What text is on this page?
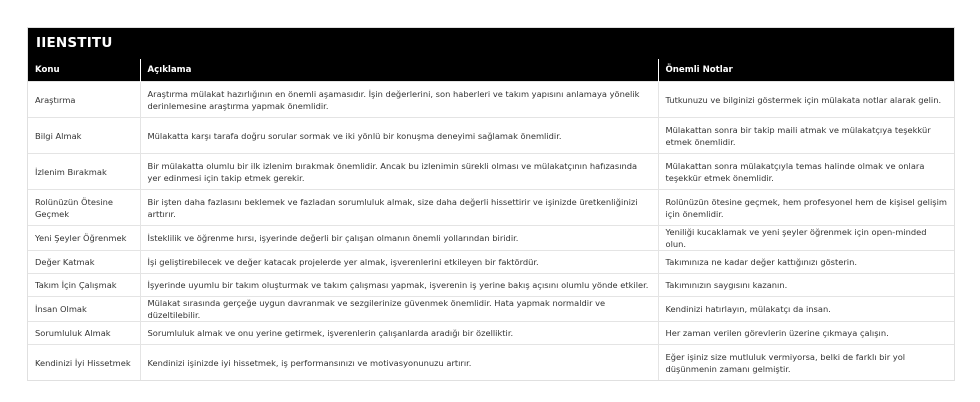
IIENSTITU
Konu	Açıklama	Önemli Notlar
Araştırma	Araştırma mülakat hazırlığının en önemli aşamasıdır. İşin değerlerini, son haberleri ve takım yapısını anlamaya yönelik derinlemesine araştırma yapmak önemlidir.	Tutkunuzu ve bilginizi göstermek için mülakata notlar alarak gelin.
Bilgi Almak	Mülakatta karşı tarafa doğru sorular sormak ve iki yönlü bir konuşma deneyimi sağlamak önemlidir.	Mülakattan sonra bir takip maili atmak ve mülakatçıya teşekkür etmek önemlidir.
İzlenim Bırakmak	Bir mülakatta olumlu bir ilk izlenim bırakmak önemlidir. Ancak bu izlenimin sürekli olması ve mülakatçının hafızasında yer edinmesi için takip etmek gerekir.	Mülakattan sonra mülakatçıyla temas halinde olmak ve onlara teşekkür etmek önemlidir.
Rolünüzün Ötesine Geçmek	Bir işten daha fazlasını beklemek ve fazladan sorumluluk almak, size daha değerli hissettirir ve işinizde üretkenliğinizi arttırır.	Rolünüzün ötesine geçmek, hem profesyonel hem de kişisel gelişim için önemlidir.
Yeni Şeyler Öğrenmek	İsteklilik ve öğrenme hırsı, işyerinde değerli bir çalışan olmanın önemli yollarından biridir.	Yeniliği kucaklamak ve yeni şeyler öğrenmek için open-minded olun.
Değer Katmak	İşi geliştirebilecek ve değer katacak projelerde yer almak, işverenlerini etkileyen bir faktördür.	Takımınıza ne kadar değer kattığınızı gösterin.
Takım İçin Çalışmak	İşyerinde uyumlu bir takım oluşturmak ve takım çalışması yapmak, işverenin iş yerine bakış açısını olumlu yönde etkiler.	Takımınızın saygısını kazanın.
İnsan Olmak	Mülakat sırasında gerçeğe uygun davranmak ve sezgilerinize güvenmek önemlidir. Hata yapmak normaldir ve düzeltilebilir.	Kendinizi hatırlayın, mülakatçı da insan.
Sorumluluk Almak	Sorumluluk almak ve onu yerine getirmek, işverenlerin çalışanlarda aradığı bir özelliktir.	Her zaman verilen görevlerin üzerine çıkmaya çalışın.
Kendinizi İyi Hissetmek	Kendinizi işinizde iyi hissetmek, iş performansınızı ve motivasyonunuzu artırır.	Eğer işiniz size mutluluk vermiyorsa, belki de farklı bir yol düşünmenin zamanı gelmiştir.
